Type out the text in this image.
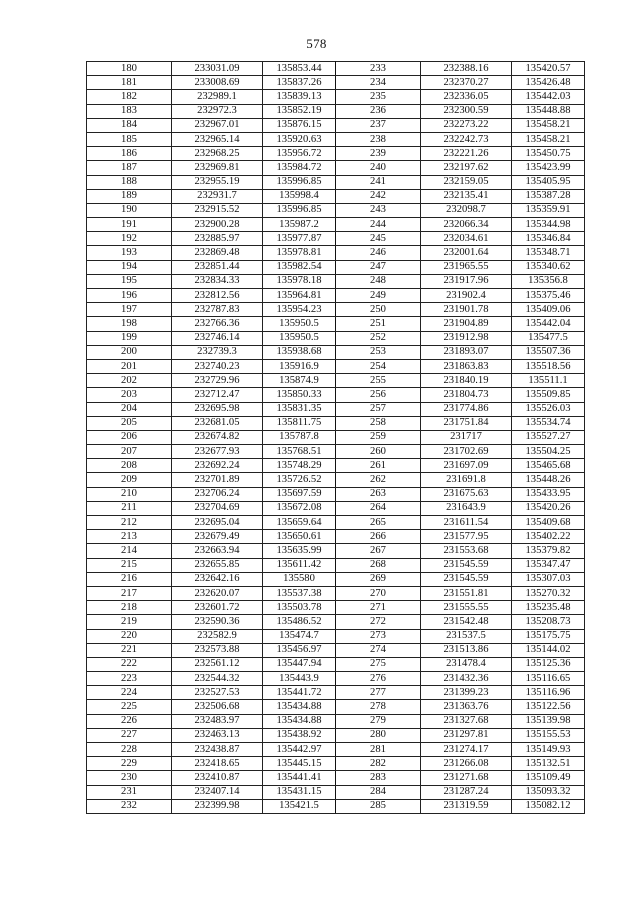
578
180	233031.09	135853.44	233	232388.16	135420.57
181	233008.69	135837.26	234	232370.27	135426.48
182	232989.1	135839.13	235	232336.05	135442.03
183	232972.3	135852.19	236	232300.59	135448.88
184	232967.01	135876.15	237	232273.22	135458.21
185	232965.14	135920.63	238	232242.73	135458.21
186	232968.25	135956.72	239	232221.26	135450.75
187	232969.81	135984.72	240	232197.62	135423.99
188	232955.19	135996.85	241	232159.05	135405.95
189	232931.7	135998.4	242	232135.41	135387.28
190	232915.52	135996.85	243	232098.7	135359.91
191	232900.28	135987.2	244	232066.34	135344.98
192	232885.97	135977.87	245	232034.61	135346.84
193	232869.48	135978.81	246	232001.64	135348.71
194	232851.44	135982.54	247	231965.55	135340.62
195	232834.33	135978.18	248	231917.96	135356.8
196	232812.56	135964.81	249	231902.4	135375.46
197	232787.83	135954.23	250	231901.78	135409.06
198	232766.36	135950.5	251	231904.89	135442.04
199	232746.14	135950.5	252	231912.98	135477.5
200	232739.3	135938.68	253	231893.07	135507.36
201	232740.23	135916.9	254	231863.83	135518.56
202	232729.96	135874.9	255	231840.19	135511.1
203	232712.47	135850.33	256	231804.73	135509.85
204	232695.98	135831.35	257	231774.86	135526.03
205	232681.05	135811.75	258	231751.84	135534.74
206	232674.82	135787.8	259	231717	135527.27
207	232677.93	135768.51	260	231702.69	135504.25
208	232692.24	135748.29	261	231697.09	135465.68
209	232701.89	135726.52	262	231691.8	135448.26
210	232706.24	135697.59	263	231675.63	135433.95
211	232704.69	135672.08	264	231643.9	135420.26
212	232695.04	135659.64	265	231611.54	135409.68
213	232679.49	135650.61	266	231577.95	135402.22
214	232663.94	135635.99	267	231553.68	135379.82
215	232655.85	135611.42	268	231545.59	135347.47
216	232642.16	135580	269	231545.59	135307.03
217	232620.07	135537.38	270	231551.81	135270.32
218	232601.72	135503.78	271	231555.55	135235.48
219	232590.36	135486.52	272	231542.48	135208.73
220	232582.9	135474.7	273	231537.5	135175.75
221	232573.88	135456.97	274	231513.86	135144.02
222	232561.12	135447.94	275	231478.4	135125.36
223	232544.32	135443.9	276	231432.36	135116.65
224	232527.53	135441.72	277	231399.23	135116.96
225	232506.68	135434.88	278	231363.76	135122.56
226	232483.97	135434.88	279	231327.68	135139.98
227	232463.13	135438.92	280	231297.81	135155.53
228	232438.87	135442.97	281	231274.17	135149.93
229	232418.65	135445.15	282	231266.08	135132.51
230	232410.87	135441.41	283	231271.68	135109.49
231	232407.14	135431.15	284	231287.24	135093.32
232	232399.98	135421.5	285	231319.59	135082.12
